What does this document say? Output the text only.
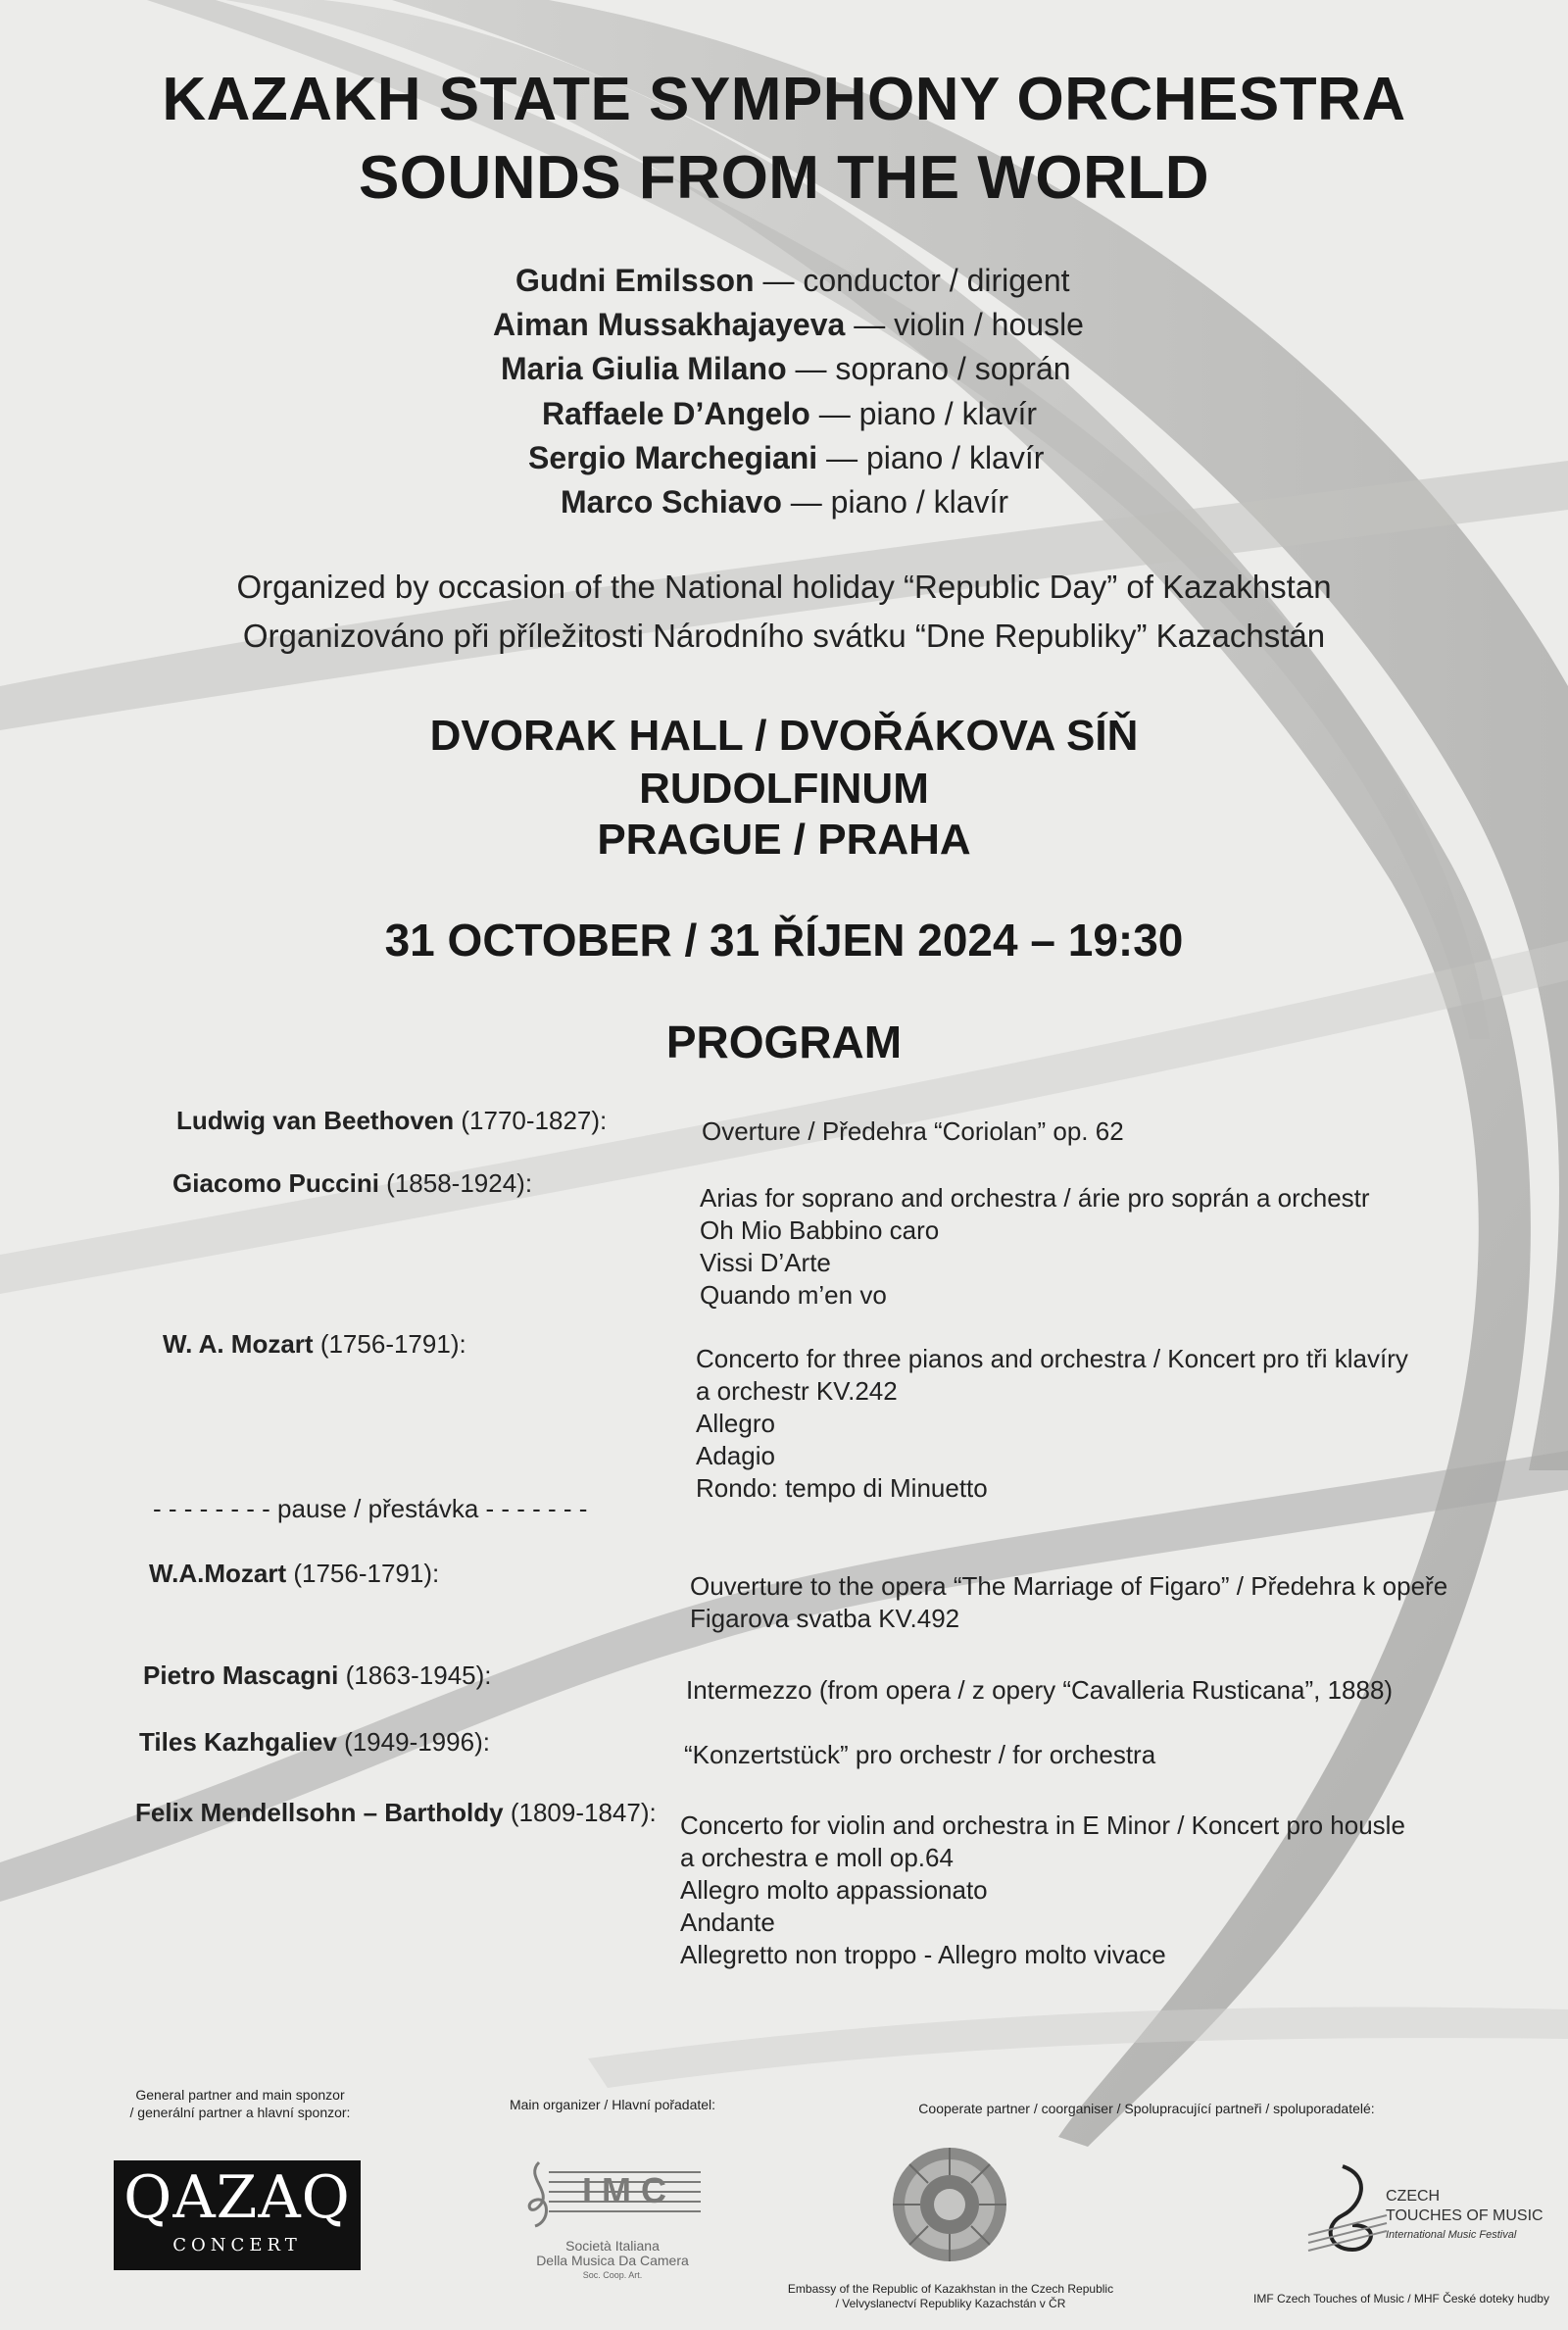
KAZAKH STATE SYMPHONY ORCHESTRA
SOUNDS FROM THE WORLD
Gudni Emilsson — conductor / dirigent
Aiman Mussakhajayeva — violin / housle
Maria Giulia Milano — soprano / soprán
Raffaele D’Angelo — piano / klavír
Sergio Marchegiani — piano / klavír
Marco Schiavo — piano / klavír
Organized by occasion of the National holiday “Republic Day” of Kazakhstan
Organizováno při příležitosti Národního svátku “Dne Republiky” Kazachstán
DVORAK HALL / DVOŘÁKOVA SÍŇ
RUDOLFINUM
PRAGUE / PRAHA
31 OCTOBER / 31 ŘÍJEN 2024 – 19:30
PROGRAM
Ludwig van Beethoven (1770-1827):	Overture / Předehra “Coriolan” op. 62
Giacomo Puccini (1858-1924):	Arias for soprano and orchestra / árie pro soprán a orchestr
Oh Mio Babbino caro
Vissi D’Arte
Quando m’en vo
W. A. Mozart (1756-1791):	Concerto for three pianos and orchestra / Koncert pro tři klavíry
a orchestr KV.242
Allegro
Adagio
Rondo: tempo di Minuetto
- - - - - - - - pause / přestávka - - - - - - -
W.A.Mozart (1756-1791):	Ouverture to the opera “The Marriage of Figaro” / Předehra k opeře
Figarova svatba KV.492
Pietro Mascagni (1863-1945):	Intermezzo (from opera / z opery “Cavalleria Rusticana”, 1888)
Tiles Kazhgaliev (1949-1996):	“Konzertstück” pro orchestr / for orchestra
Felix Mendellsohn – Bartholdy (1809-1847): Concerto for violin and orchestra in E Minor / Koncert pro housle
a orchestra e moll op.64
Allegro molto appassionato
Andante
Allegretto non troppo - Allegro molto vivace
General partner and main sponzor
/ generální partner a hlavní sponzor:
QAZAQ
CONCERT
Main organizer / Hlavní pořadatel:
IMC
Società Italiana
Della Musica Da Camera
Soc. Coop. Art.
Cooperate partner / coorganiser / Spolupracující partneři / spoluporadatelé:
Embassy of the Republic of Kazakhstan in the Czech Republic
/ Velvyslanectví Republiky Kazachstán v ČR
CZECH
TOUCHES OF MUSIC
International Music Festival
IMF Czech Touches of Music / MHF České doteky hudby
